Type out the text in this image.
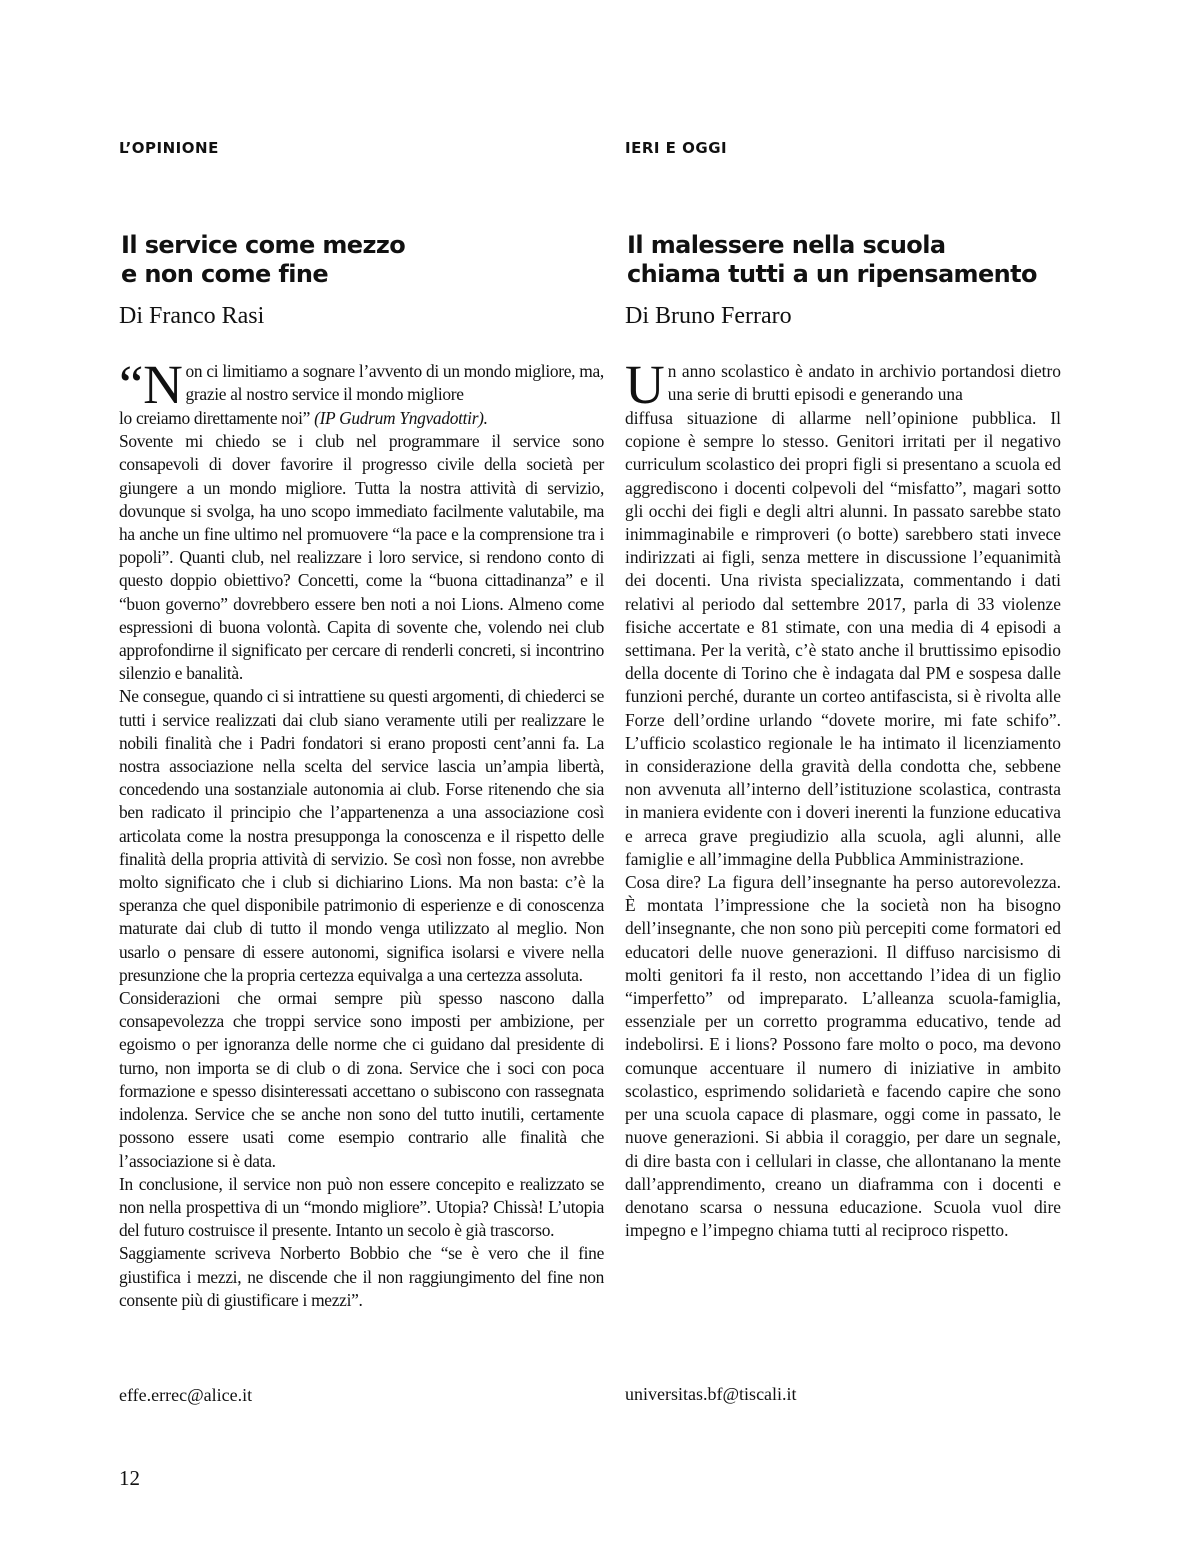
L’OPINIONE
Il service come mezzo
e non come fine
Di Franco Rasi
“N on ci limitiamo a sognare l’avvento di un mondo migliore, ma, grazie al nostro service il mondo migliore

lo creiamo direttamente noi” (IP Gudrum Yngvadottir).

Sovente mi chiedo se i club nel programmare il service sono consapevoli di dover favorire il progresso civile della società per giungere a un mondo migliore. Tutta la nostra attività di servizio, dovunque si svolga, ha uno scopo immediato facilmente valutabile, ma ha anche un fine ultimo nel promuovere “la pace e la comprensione tra i popoli”. Quanti club, nel realizzare i loro service, si rendono conto di questo doppio obiettivo? Concetti, come la “buona cittadinanza” e il “buon governo” dovrebbero essere ben noti a noi Lions. Almeno come espressioni di buona volontà. Capita di sovente che, volendo nei club approfondirne il significato per cercare di renderli concreti, si incontrino silenzio e banalità.

Ne consegue, quando ci si intrattiene su questi argomenti, di chiederci se tutti i service realizzati dai club siano veramente utili per realizzare le nobili finalità che i Padri fondatori si erano proposti cent’anni fa. La nostra associazione nella scelta del service lascia un’ampia libertà, concedendo una sostanziale autonomia ai club. Forse ritenendo che sia ben radicato il principio che l’appartenenza a una associazione così articolata come la nostra presupponga la conoscenza e il rispetto delle finalità della propria attività di servizio. Se così non fosse, non avrebbe molto significato che i club si dichiarino Lions. Ma non basta: c’è la speranza che quel disponibile patrimonio di esperienze e di conoscenza maturate dai club di tutto il mondo venga utilizzato al meglio. Non usarlo o pensare di essere autonomi, significa isolarsi e vivere nella presunzione che la propria certezza equivalga a una certezza assoluta.

Considerazioni che ormai sempre più spesso nascono dalla consapevolezza che troppi service sono imposti per ambizione, per egoismo o per ignoranza delle norme che ci guidano dal presidente di turno, non importa se di club o di zona. Service che i soci con poca formazione e spesso disinteressati accettano o subiscono con rassegnata indolenza. Service che se anche non sono del tutto inutili, certamente possono essere usati come esempio contrario alle finalità che l’associazione si è data.

In conclusione, il service non può non essere concepito e realizzato se non nella prospettiva di un “mondo migliore”. Utopia? Chissà! L’utopia del futuro costruisce il presente. Intanto un secolo è già trascorso.

Saggiamente scriveva Norberto Bobbio che “se è vero che il fine giustifica i mezzi, ne discende che il non raggiungimento del fine non consente più di giustificare i mezzi”.

effe.errec@alice.it
IERI E OGGI
Il malessere nella scuola
chiama tutti a un ripensamento
Di Bruno Ferraro
U n anno scolastico è andato in archivio portandosi dietro una serie di brutti episodi e generando una

diffusa situazione di allarme nell’opinione pubblica. Il copione è sempre lo stesso. Genitori irritati per il negativo curriculum scolastico dei propri figli si presentano a scuola ed aggrediscono i docenti colpevoli del “misfatto”, magari sotto gli occhi dei figli e degli altri alunni. In passato sarebbe stato inimmaginabile e rimproveri (o botte) sarebbero stati invece indirizzati ai figli, senza mettere in discussione l’equanimità dei docenti. Una rivista specializzata, commentando i dati relativi al periodo dal settembre 2017, parla di 33 violenze fisiche accertate e 81 stimate, con una media di 4 episodi a settimana. Per la verità, c’è stato anche il bruttissimo episodio della docente di Torino che è indagata dal PM e sospesa dalle funzioni perché, durante un corteo antifascista, si è rivolta alle Forze dell’ordine urlando “dovete morire, mi fate schifo”. L’ufficio scolastico regionale le ha intimato il licenziamento in considerazione della gravità della condotta che, sebbene non avvenuta all’interno dell’istituzione scolastica, contrasta in maniera evidente con i doveri inerenti la funzione educativa e arreca grave pregiudizio alla scuola, agli alunni, alle famiglie e all’immagine della Pubblica Amministrazione.

Cosa dire? La figura dell’insegnante ha perso autorevolezza. È montata l’impressione che la società non ha bisogno dell’insegnante, che non sono più percepiti come formatori ed educatori delle nuove generazioni. Il diffuso narcisismo di molti genitori fa il resto, non accettando l’idea di un figlio “imperfetto” od impreparato. L’alleanza scuola-famiglia, essenziale per un corretto programma educativo, tende ad indebolirsi. E i lions? Possono fare molto o poco, ma devono comunque accentuare il numero di iniziative in ambito scolastico, esprimendo solidarietà e facendo capire che sono per una scuola capace di plasmare, oggi come in passato, le nuove generazioni. Si abbia il coraggio, per dare un segnale, di dire basta con i cellulari in classe, che allontanano la mente dall’apprendimento, creano un diaframma con i docenti e denotano scarsa o nessuna educazione. Scuola vuol dire impegno e l’impegno chiama tutti al reciproco rispetto.

universitas.bf@tiscali.it
12
